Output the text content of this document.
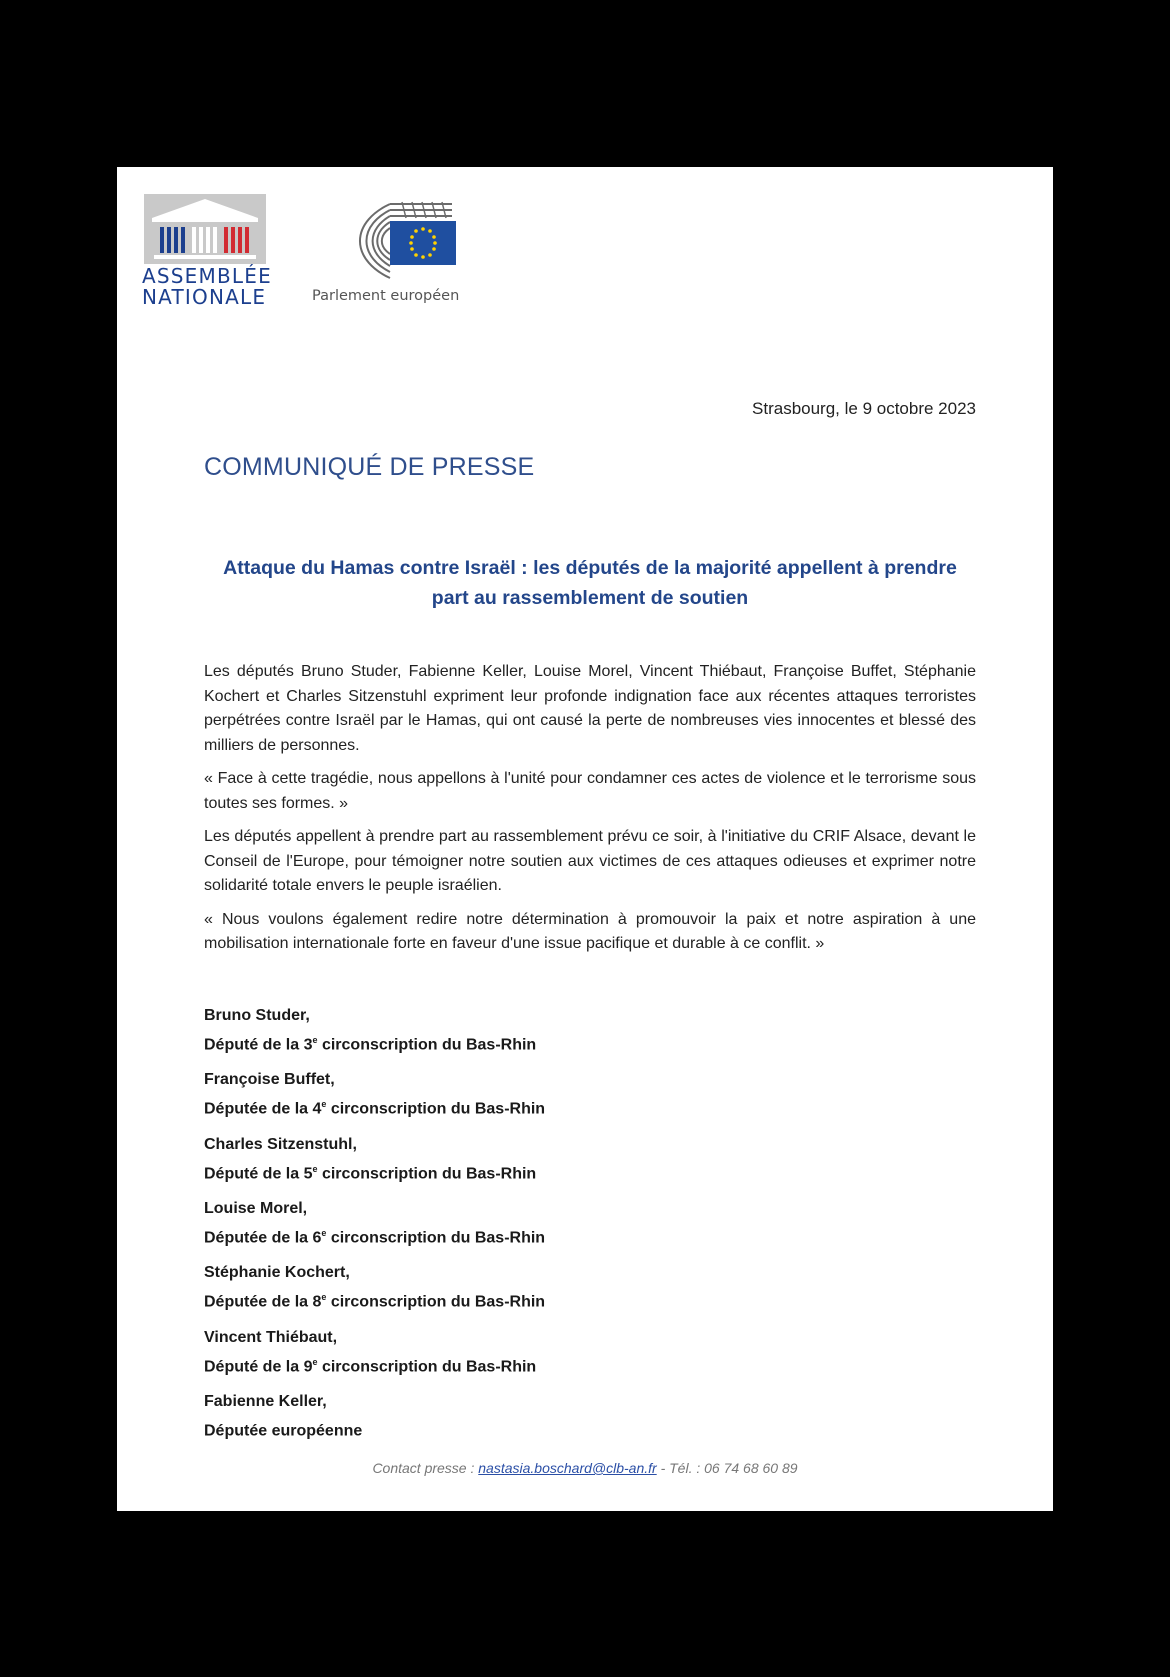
ASSEMBLÉE
NATIONALE	Parlement européen
Strasbourg, le 9 octobre 2023
COMMUNIQUÉ DE PRESSE
Attaque du Hamas contre Israël : les députés de la majorité appellent à prendre
part au rassemblement de soutien

Les députés Bruno Studer, Fabienne Keller, Louise Morel, Vincent Thiébaut, Françoise Buffet, Stéphanie Kochert et Charles Sitzenstuhl expriment leur profonde indignation face aux récentes attaques terroristes perpétrées contre Israël par le Hamas, qui ont causé la perte de nombreuses vies innocentes et blessé des milliers de personnes.

« Face à cette tragédie, nous appellons à l'unité pour condamner ces actes de violence et le terrorisme sous toutes ses formes. »

Les députés appellent à prendre part au rassemblement prévu ce soir, à l'initiative du CRIF Alsace, devant le Conseil de l'Europe, pour témoigner notre soutien aux victimes de ces attaques odieuses et exprimer notre solidarité totale envers le peuple israélien.

« Nous voulons également redire notre détermination à promouvoir la paix et notre aspiration à une mobilisation internationale forte en faveur d'une issue pacifique et durable à ce conflit. »

Bruno Studer,
Député de la 3e circonscription du Bas-Rhin
Françoise Buffet,
Députée de la 4e circonscription du Bas-Rhin
Charles Sitzenstuhl,
Député de la 5e circonscription du Bas-Rhin
Louise Morel,
Députée de la 6e circonscription du Bas-Rhin
Stéphanie Kochert,
Députée de la 8e circonscription du Bas-Rhin
Vincent Thiébaut,
Député de la 9e circonscription du Bas-Rhin
Fabienne Keller,
Députée européenne
Contact presse : nastasia.boschard@clb-an.fr - Tél. : 06 74 68 60 89
